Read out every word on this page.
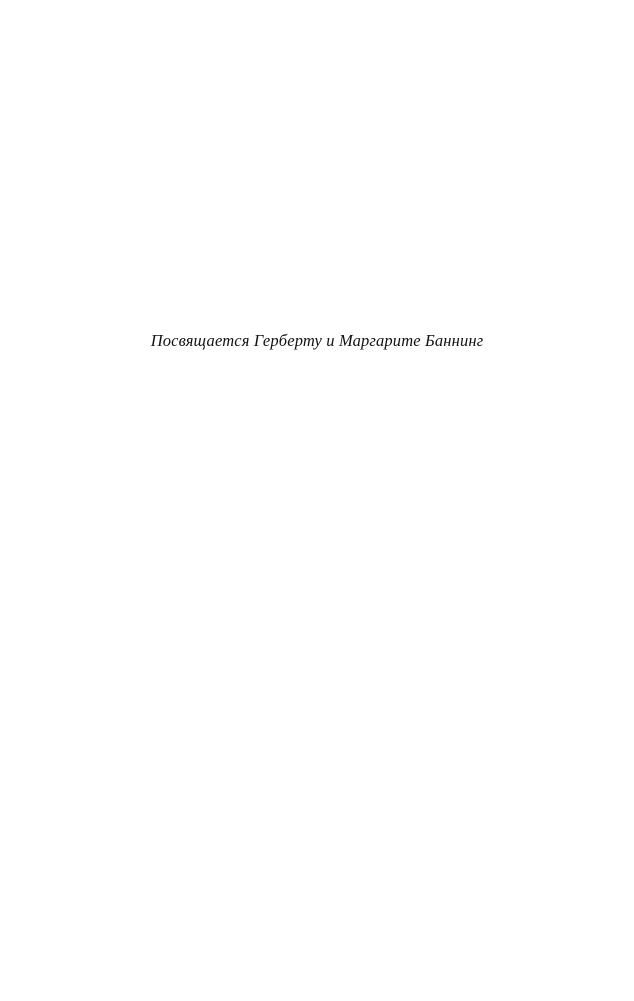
Посвящается Герберту и Маргарите Баннинг
